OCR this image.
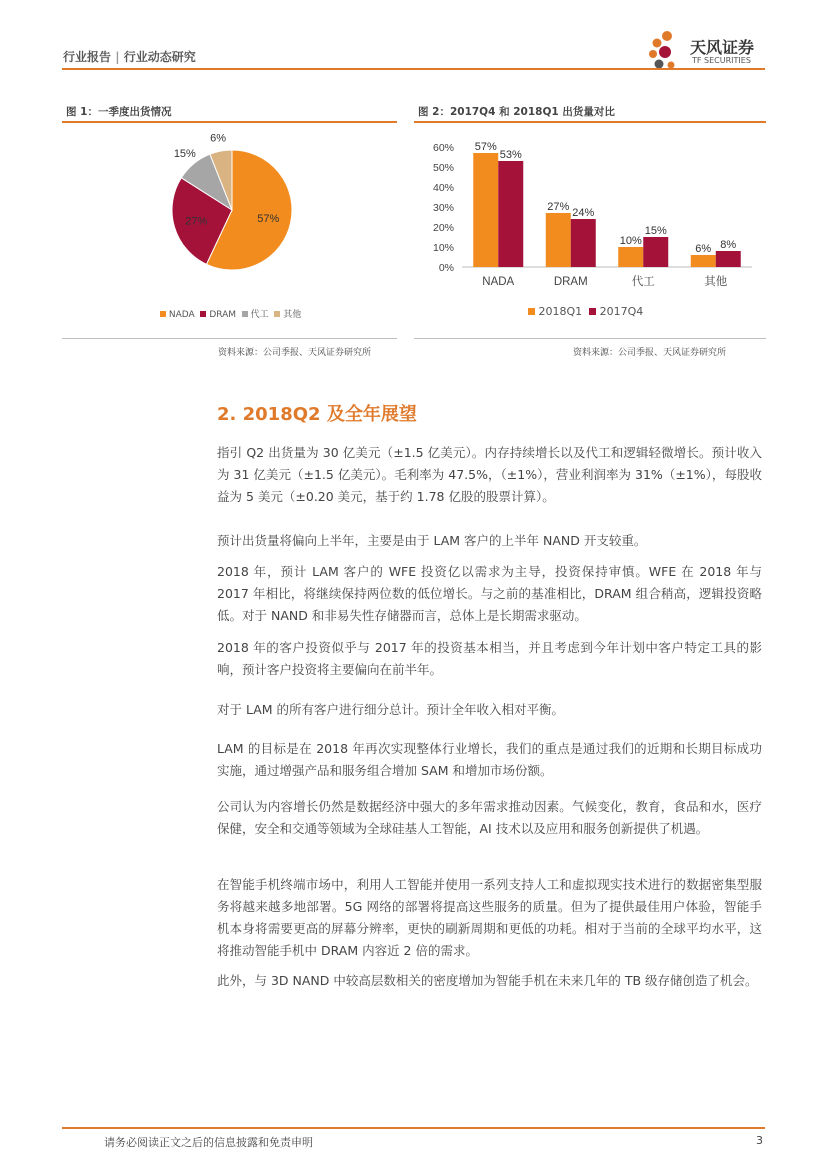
行业报告 | 行业动态研究	天风证券
TF SECURITIES
图 1：一季度出货情况
57%
27%
15%
6%
NADA DRAM 代工 其他
资料来源：公司季报、天风证券研究所
图 2：2017Q4 和 2018Q1 出货量对比
0%
10%
20%
30%
40%
50%
60%
NADA	DRAM	代工	其他
57%
53%
27% 24%
10%
15%
6% 8%
2018Q1 2017Q4
资料来源：公司季报、天风证券研究所
2. 2018Q2 及全年展望
指引 Q2 出货量为 30 亿美元（±1.5 亿美元）。内存持续增长以及代工和逻辑轻微增长。预计收入为 31 亿美元（±1.5 亿美元）。毛利率为 47.5%，（±1%），营业利润率为 31%（±1%），每股收益为 5 美元（±0.20 美元，基于约 1.78 亿股的股票计算）。
预计出货量将偏向上半年，主要是由于 LAM 客户的上半年 NAND 开支较重。
2018 年，预计 LAM 客户的 WFE 投资亿以需求为主导，投资保持审慎。WFE 在 2018 年与 2017 年相比，将继续保持两位数的低位增长。与之前的基准相比，DRAM 组合稍高，逻辑投资略低。对于 NAND 和非易失性存储器而言，总体上是长期需求驱动。
2018 年的客户投资似乎与 2017 年的投资基本相当，并且考虑到今年计划中客户特定工具的影响，预计客户投资将主要偏向在前半年。
对于 LAM 的所有客户进行细分总计。预计全年收入相对平衡。
LAM 的目标是在 2018 年再次实现整体行业增长，我们的重点是通过我们的近期和长期目标成功实施，通过增强产品和服务组合增加 SAM 和增加市场份额。
公司认为内容增长仍然是数据经济中强大的多年需求推动因素。气候变化，教育，食品和水，医疗保健，安全和交通等领域为全球硅基人工智能，AI 技术以及应用和服务创新提供了机遇。
在智能手机终端市场中，利用人工智能并使用一系列支持人工和虚拟现实技术进行的数据密集型服务将越来越多地部署。5G 网络的部署将提高这些服务的质量。但为了提供最佳用户体验，智能手机本身将需要更高的屏幕分辨率，更快的刷新周期和更低的功耗。相对于当前的全球平均水平，这将推动智能手机中 DRAM 内容近 2 倍的需求。
此外，与 3D NAND 中较高层数相关的密度增加为智能手机在未来几年的 TB 级存储创造了机会。
请务必阅读正文之后的信息披露和免责申明	3
